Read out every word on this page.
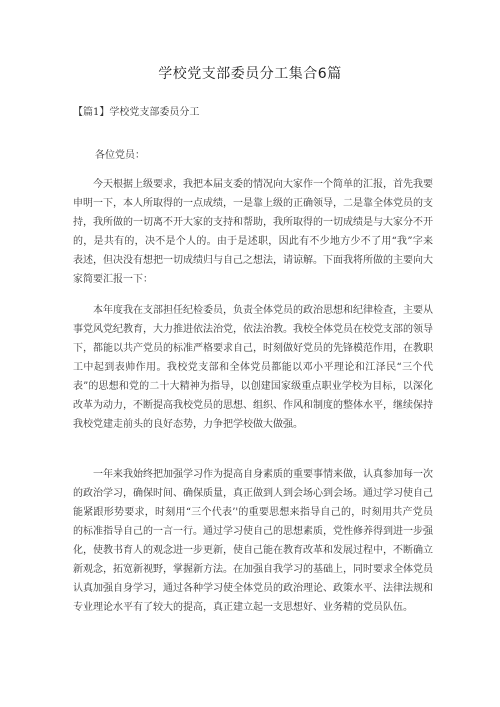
学校党支部委员分工集合6篇
【篇1】学校党支部委员分工
各位党员：

今天根据上级要求，我把本届支委的情况向大家作一个简单的汇报，首先我要申明一下，本人所取得的一点成绩，一是靠上级的正确领导，二是靠全体党员的支持，我所做的一切离不开大家的支持和帮助，我所取得的一切成绩是与大家分不开的，是共有的，决不是个人的。由于是述职，因此有不少地方少不了用“我”字来表述，但决没有想把一切成绩归与自己之想法，请谅解。下面我将所做的主要向大家简要汇报一下：

本年度我在支部担任纪检委员，负责全体党员的政治思想和纪律检查，主要从事党风党纪教育，大力推进依法治党，依法治教。我校全体党员在校党支部的领导下，都能以共产党员的标准严格要求自己，时刻做好党员的先锋模范作用，在教职工中起到表帅作用。我校党支部和全体党员都能以邓小平理论和江泽民“三个代表”的思想和党的二十大精神为指导，以创建国家级重点职业学校为目标，以深化改革为动力，不断提高我校党员的思想、组织、作风和制度的整体水平，继续保持我校党建走前头的良好态势，力争把学校做大做强。

一年来我始终把加强学习作为提高自身素质的重要事情来做，认真参加每一次的政治学习，确保时间、确保质量，真正做到人到会场心到会场。通过学习使自己能紧跟形势要求，时刻用“三个代表’'的重要思想来指导自己的，时刻用共产党员的标准指导自己的一言一行。通过学习使自己的思想素质，党性修养得到进一步强化，使教书育人的观念进一步更新，使自己能在教育改革和发展过程中，不断确立新观念，拓宽新视野，掌握新方法。在加强自我学习的基础上，同时要求全体党员认真加强自身学习，通过各种学习使全体党员的政治理论、政策水平、法律法规和专业理论水平有了较大的提高，真正建立起一支思想好、业务精的党员队伍。
